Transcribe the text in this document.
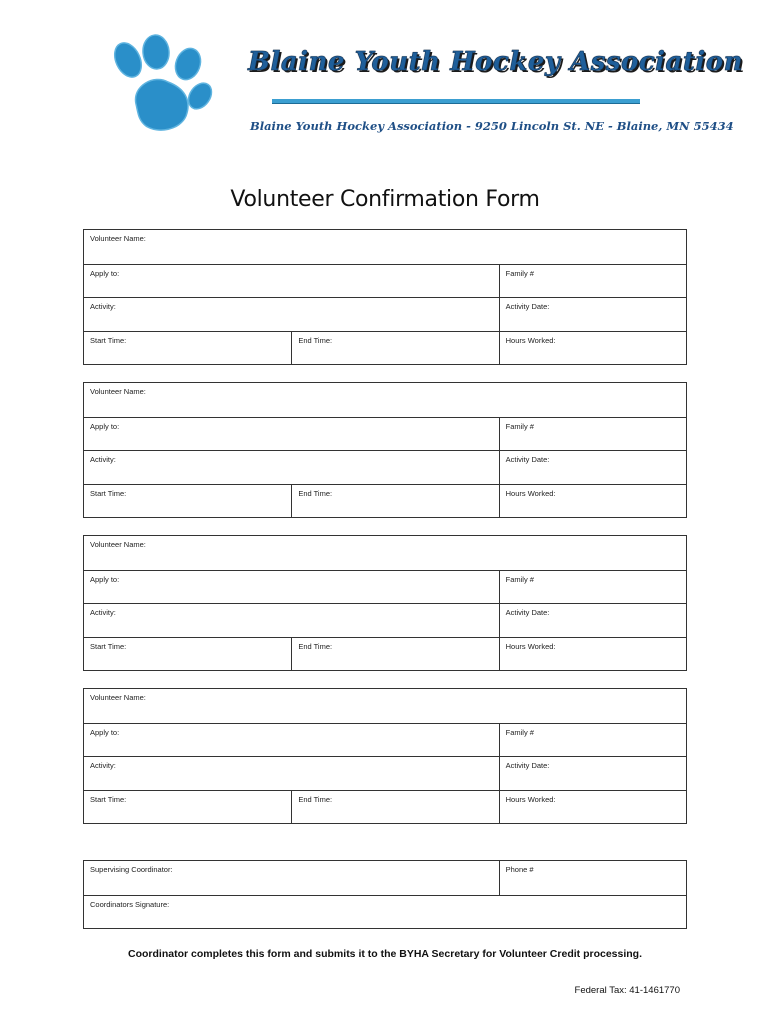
Blaine Youth Hockey Association
Blaine Youth Hockey Association - 9250 Lincoln St. NE - Blaine, MN 55434
Volunteer Confirmation Form
Volunteer Name:
Apply to:	Family #
Activity:	Activity Date:
Start Time:	End Time:	Hours Worked:
Volunteer Name:
Apply to:	Family #
Activity:	Activity Date:
Start Time:	End Time:	Hours Worked:
Volunteer Name:
Apply to:	Family #
Activity:	Activity Date:
Start Time:	End Time:	Hours Worked:
Volunteer Name:
Apply to:	Family #
Activity:	Activity Date:
Start Time:	End Time:	Hours Worked:
Supervising Coordinator:	Phone #
Coordinators Signature:
Coordinator completes this form and submits it to the BYHA Secretary for Volunteer Credit processing.
Federal Tax: 41-1461770
